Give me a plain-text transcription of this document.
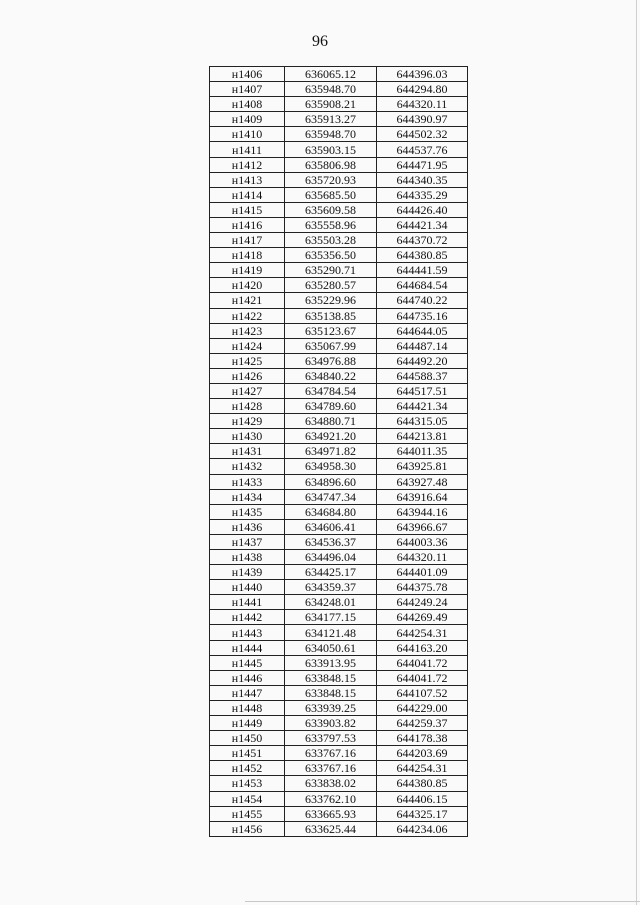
96
н1406	636065.12	644396.03
н1407	635948.70	644294.80
н1408	635908.21	644320.11
н1409	635913.27	644390.97
н1410	635948.70	644502.32
н1411	635903.15	644537.76
н1412	635806.98	644471.95
н1413	635720.93	644340.35
н1414	635685.50	644335.29
н1415	635609.58	644426.40
н1416	635558.96	644421.34
н1417	635503.28	644370.72
н1418	635356.50	644380.85
н1419	635290.71	644441.59
н1420	635280.57	644684.54
н1421	635229.96	644740.22
н1422	635138.85	644735.16
н1423	635123.67	644644.05
н1424	635067.99	644487.14
н1425	634976.88	644492.20
н1426	634840.22	644588.37
н1427	634784.54	644517.51
н1428	634789.60	644421.34
н1429	634880.71	644315.05
н1430	634921.20	644213.81
н1431	634971.82	644011.35
н1432	634958.30	643925.81
н1433	634896.60	643927.48
н1434	634747.34	643916.64
н1435	634684.80	643944.16
н1436	634606.41	643966.67
н1437	634536.37	644003.36
н1438	634496.04	644320.11
н1439	634425.17	644401.09
н1440	634359.37	644375.78
н1441	634248.01	644249.24
н1442	634177.15	644269.49
н1443	634121.48	644254.31
н1444	634050.61	644163.20
н1445	633913.95	644041.72
н1446	633848.15	644041.72
н1447	633848.15	644107.52
н1448	633939.25	644229.00
н1449	633903.82	644259.37
н1450	633797.53	644178.38
н1451	633767.16	644203.69
н1452	633767.16	644254.31
н1453	633838.02	644380.85
н1454	633762.10	644406.15
н1455	633665.93	644325.17
н1456	633625.44	644234.06
